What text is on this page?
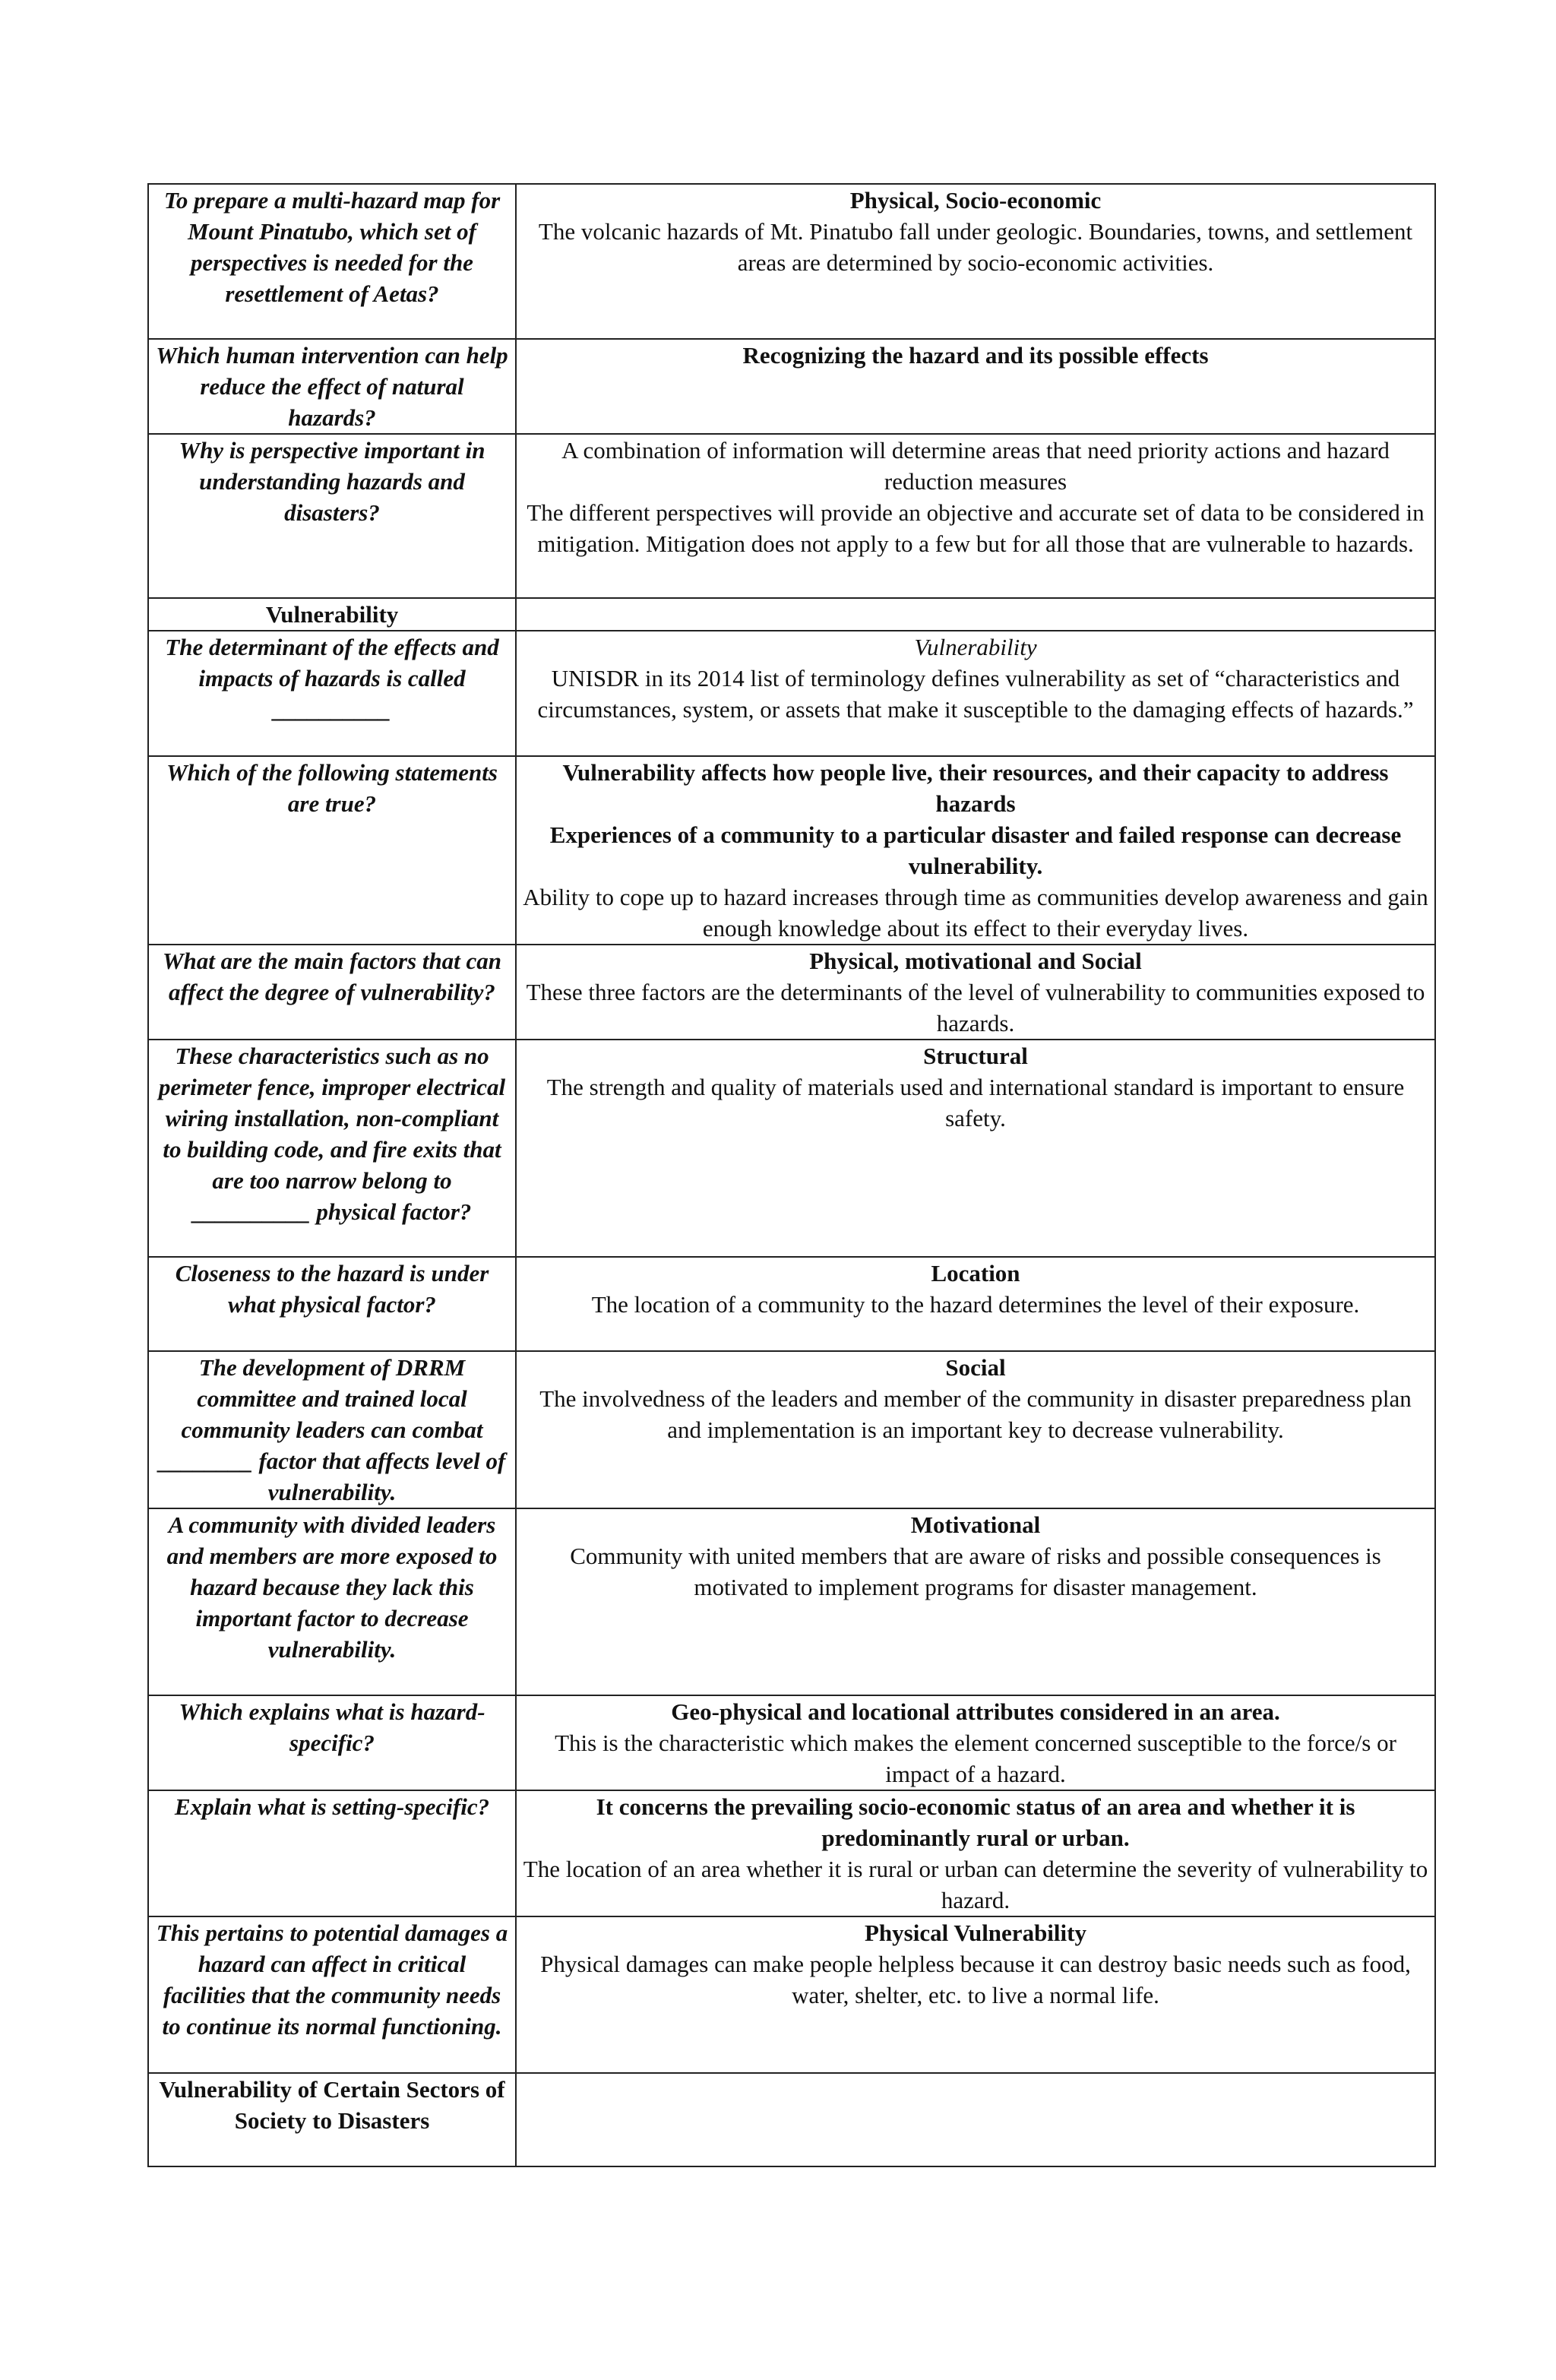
To prepare a multi-hazard map for Mount Pinatubo, which set of perspectives is needed for the resettlement of Aetas?	Physical, Socio-economic
The volcanic hazards of Mt. Pinatubo fall under geologic. Boundaries, towns, and settlement areas are determined by socio-economic activities.

Which human intervention can help reduce the effect of natural hazards?	Recognizing the hazard and its possible effects

Why is perspective important in understanding hazards and disasters?	A combination of information will determine areas that need priority actions and hazard reduction measures
The different perspectives will provide an objective and accurate set of data to be considered in mitigation. Mitigation does not apply to a few but for all those that are vulnerable to hazards.

Vulnerability	
The determinant of the effects and impacts of hazards is called __________	Vulnerability
UNISDR in its 2014 list of terminology defines vulnerability as set of “characteristics and circumstances, system, or assets that make it susceptible to the damaging effects of hazards.”

Which of the following statements are true?	Vulnerability affects how people live, their resources, and their capacity to address hazards
Experiences of a community to a particular disaster and failed response can decrease vulnerability.
Ability to cope up to hazard increases through time as communities develop awareness and gain enough knowledge about its effect to their everyday lives.

What are the main factors that can affect the degree of vulnerability?	Physical, motivational and Social
These three factors are the determinants of the level of vulnerability to communities exposed to hazards.

These characteristics such as no perimeter fence, improper electrical wiring installation, non-compliant to building code, and fire exits that are too narrow belong to __________ physical factor?	Structural
The strength and quality of materials used and international standard is important to ensure safety.

Closeness to the hazard is under what physical factor?	Location
The location of a community to the hazard determines the level of their exposure.

The development of DRRM committee and trained local community leaders can combat ________ factor that affects level of vulnerability.	Social
The involvedness of the leaders and member of the community in disaster preparedness plan and implementation is an important key to decrease vulnerability.

A community with divided leaders and members are more exposed to hazard because they lack this important factor to decrease vulnerability.	Motivational
Community with united members that are aware of risks and possible consequences is motivated to implement programs for disaster management.

Which explains what is hazard-specific?	Geo-physical and locational attributes considered in an area.
This is the characteristic which makes the element concerned susceptible to the force/s or impact of a hazard.

Explain what is setting-specific?	It concerns the prevailing socio-economic status of an area and whether it is predominantly rural or urban.
The location of an area whether it is rural or urban can determine the severity of vulnerability to hazard.

This pertains to potential damages a hazard can affect in critical facilities that the community needs to continue its normal functioning.	Physical Vulnerability
Physical damages can make people helpless because it can destroy basic needs such as food, water, shelter, etc. to live a normal life.

Vulnerability of Certain Sectors of Society to Disasters	
